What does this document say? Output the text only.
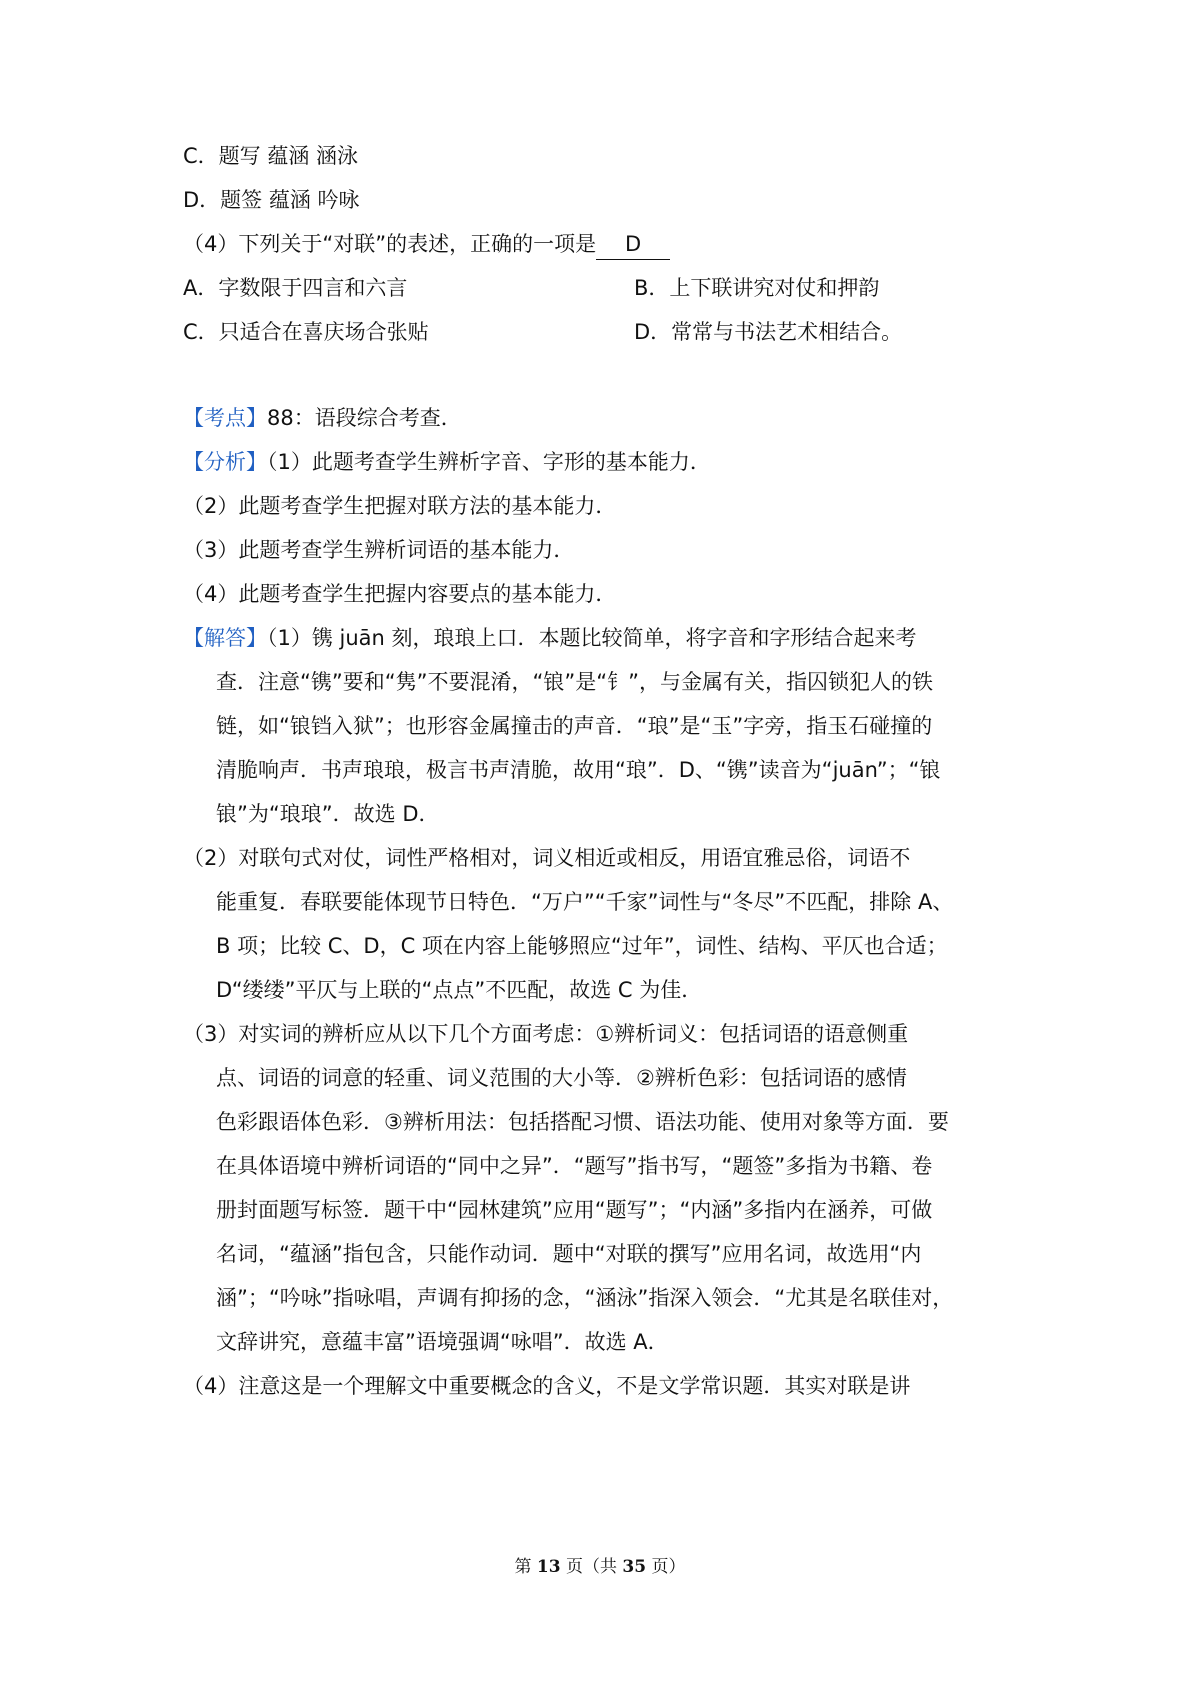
C．题写 蕴涵 涵泳
D．题签 蕴涵 吟咏
（4）下列关于“对联”的表述，正确的一项是 D
A．字数限于四言和六言	B．上下联讲究对仗和押韵
C．只适合在喜庆场合张贴	D．常常与书法艺术相结合。
【考点】88：语段综合考查．
【分析】（1）此题考查学生辨析字音、字形的基本能力．
（2）此题考查学生把握对联方法的基本能力．
（3）此题考查学生辨析词语的基本能力．
（4）此题考查学生把握内容要点的基本能力．
【解答】（1）镌 juān 刻，琅琅上口．本题比较简单，将字音和字形结合起来考
查．注意“镌”要和“隽”不要混淆，“锒”是“钅”，与金属有关，指囚锁犯人的铁
链，如“锒铛入狱”；也形容金属撞击的声音．“琅”是“玉”字旁，指玉石碰撞的
清脆响声．书声琅琅，极言书声清脆，故用“琅”．D、“镌”读音为“juān”；“锒
锒”为“琅琅”．故选 D．
（2）对联句式对仗，词性严格相对，词义相近或相反，用语宜雅忌俗，词语不
能重复．春联要能体现节日特色．“万户”“千家”词性与“冬尽”不匹配，排除 A、
B 项；比较 C、D，C 项在内容上能够照应“过年”，词性、结构、平仄也合适；
D“缕缕”平仄与上联的“点点”不匹配，故选 C 为佳．
（3）对实词的辨析应从以下几个方面考虑：①辨析词义：包括词语的语意侧重
点、词语的词意的轻重、词义范围的大小等．②辨析色彩：包括词语的感情
色彩跟语体色彩．③辨析用法：包括搭配习惯、语法功能、使用对象等方面．要
在具体语境中辨析词语的“同中之异”．“题写”指书写，“题签”多指为书籍、卷
册封面题写标签．题干中“园林建筑”应用“题写”；“内涵”多指内在涵养，可做
名词，“蕴涵”指包含，只能作动词．题中“对联的撰写”应用名词，故选用“内
涵”；“吟咏”指咏唱，声调有抑扬的念，“涵泳”指深入领会．“尤其是名联佳对，
文辞讲究，意蕴丰富”语境强调“咏唱”．故选 A．
（4）注意这是一个理解文中重要概念的含义，不是文学常识题．其实对联是讲
第 13 页（共 35 页）
